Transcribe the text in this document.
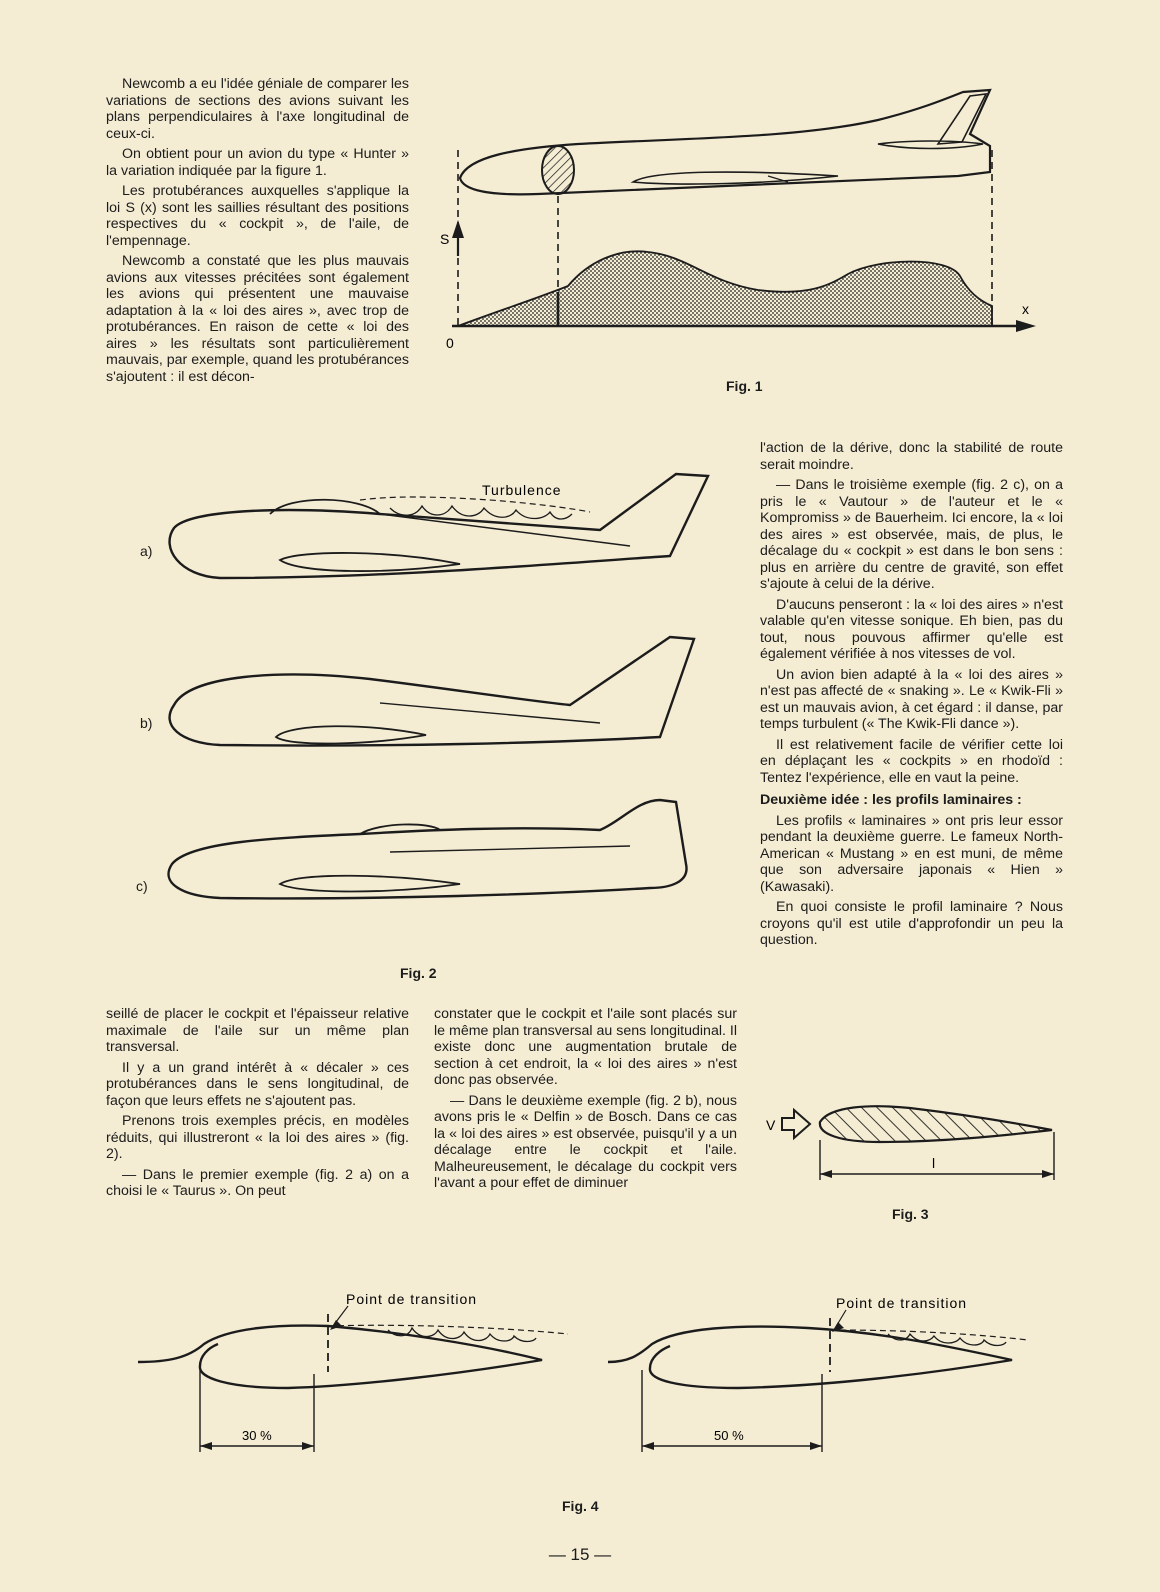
Newcomb a eu l'idée géniale de comparer les variations de sections des avions suivant les plans perpendiculaires à l'axe longitudinal de ceux-ci.

On obtient pour un avion du type « Hunter » la variation indiquée par la figure 1.

Les protubérances auxquelles s'applique la loi S (x) sont les saillies résultant des positions respectives du « cockpit », de l'aile, de l'empennage.

Newcomb a constaté que les plus mauvais avions aux vitesses précitées sont également les avions qui présentent une mauvaise adaptation à la « loi des aires », avec trop de protubérances. En raison de cette « loi des aires » les résultats sont particulièrement mauvais, par exemple, quand les protubérances s'ajoutent : il est décon-

S
x
0
Fig. 1

l'action de la dérive, donc la stabilité de route serait moindre.

— Dans le troisième exemple (fig. 2 c), on a pris le « Vautour » de l'auteur et le « Kompromiss » de Bauerheim. Ici encore, la « loi des aires » est observée, mais, de plus, le décalage du « cockpit » est dans le bon sens : plus en arrière du centre de gravité, son effet s'ajoute à celui de la dérive.

D'aucuns penseront : la « loi des aires » n'est valable qu'en vitesse sonique. Eh bien, pas du tout, nous pouvous affirmer qu'elle est également vérifiée à nos vitesses de vol.

Un avion bien adapté à la « loi des aires » n'est pas affecté de « snaking ». Le « Kwik-Fli » est un mauvais avion, à cet égard : il danse, par temps turbulent (« The Kwik-Fli dance »).

Il est relativement facile de vérifier cette loi en déplaçant les « cockpits » en rhodoïd : Tentez l'expérience, elle en vaut la peine.

Deuxième idée : les profils laminaires :

Les profils « laminaires » ont pris leur essor pendant la deuxième guerre. Le fameux North-American « Mustang » en est muni, de même que son adversaire japonais « Hien » (Kawasaki).

En quoi consiste le profil laminaire ? Nous croyons qu'il est utile d'approfondir un peu la question.

Turbulence
a)
b)
c)
Fig. 2

seillé de placer le cockpit et l'épaisseur relative maximale de l'aile sur un même plan transversal.

Il y a un grand intérêt à « décaler » ces protubérances dans le sens longitudinal, de façon que leurs effets ne s'ajoutent pas.

Prenons trois exemples précis, en modèles réduits, qui illustreront « la loi des aires » (fig. 2).

— Dans le premier exemple (fig. 2 a) on a choisi le « Taurus ». On peut

constater que le cockpit et l'aile sont placés sur le même plan transversal au sens longitudinal. Il existe donc une augmentation brutale de section à cet endroit, la « loi des aires » n'est donc pas observée.

— Dans le deuxième exemple (fig. 2 b), nous avons pris le « Delfin » de Bosch. Dans ce cas la « loi des aires » est observée, puisqu'il y a un décalage entre le cockpit et l'aile. Malheureusement, le décalage du cockpit vers l'avant a pour effet de diminuer

V
l
Fig. 3
Point de transition
30 %
Point de transition
50 %
Fig. 4
— 15 —
